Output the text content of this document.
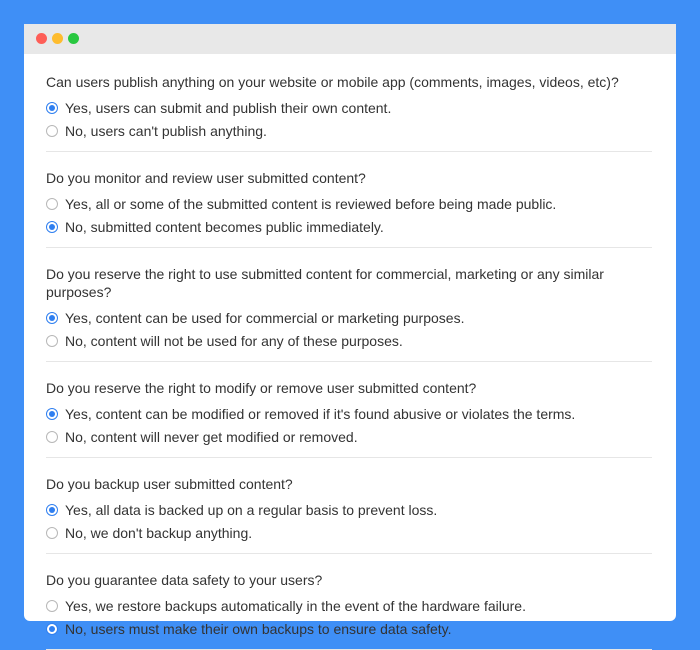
Can users publish anything on your website or mobile app (comments, images, videos, etc)?
Yes, users can submit and publish their own content.
No, users can't publish anything.
Do you monitor and review user submitted content?
Yes, all or some of the submitted content is reviewed before being made public.
No, submitted content becomes public immediately.
Do you reserve the right to use submitted content for commercial, marketing or any similar purposes?
Yes, content can be used for commercial or marketing purposes.
No, content will not be used for any of these purposes.
Do you reserve the right to modify or remove user submitted content?
Yes, content can be modified or removed if it's found abusive or violates the terms.
No, content will never get modified or removed.
Do you backup user submitted content?
Yes, all data is backed up on a regular basis to prevent loss.
No, we don't backup anything.
Do you guarantee data safety to your users?
Yes, we restore backups automatically in the event of the hardware failure.
No, users must make their own backups to ensure data safety.
